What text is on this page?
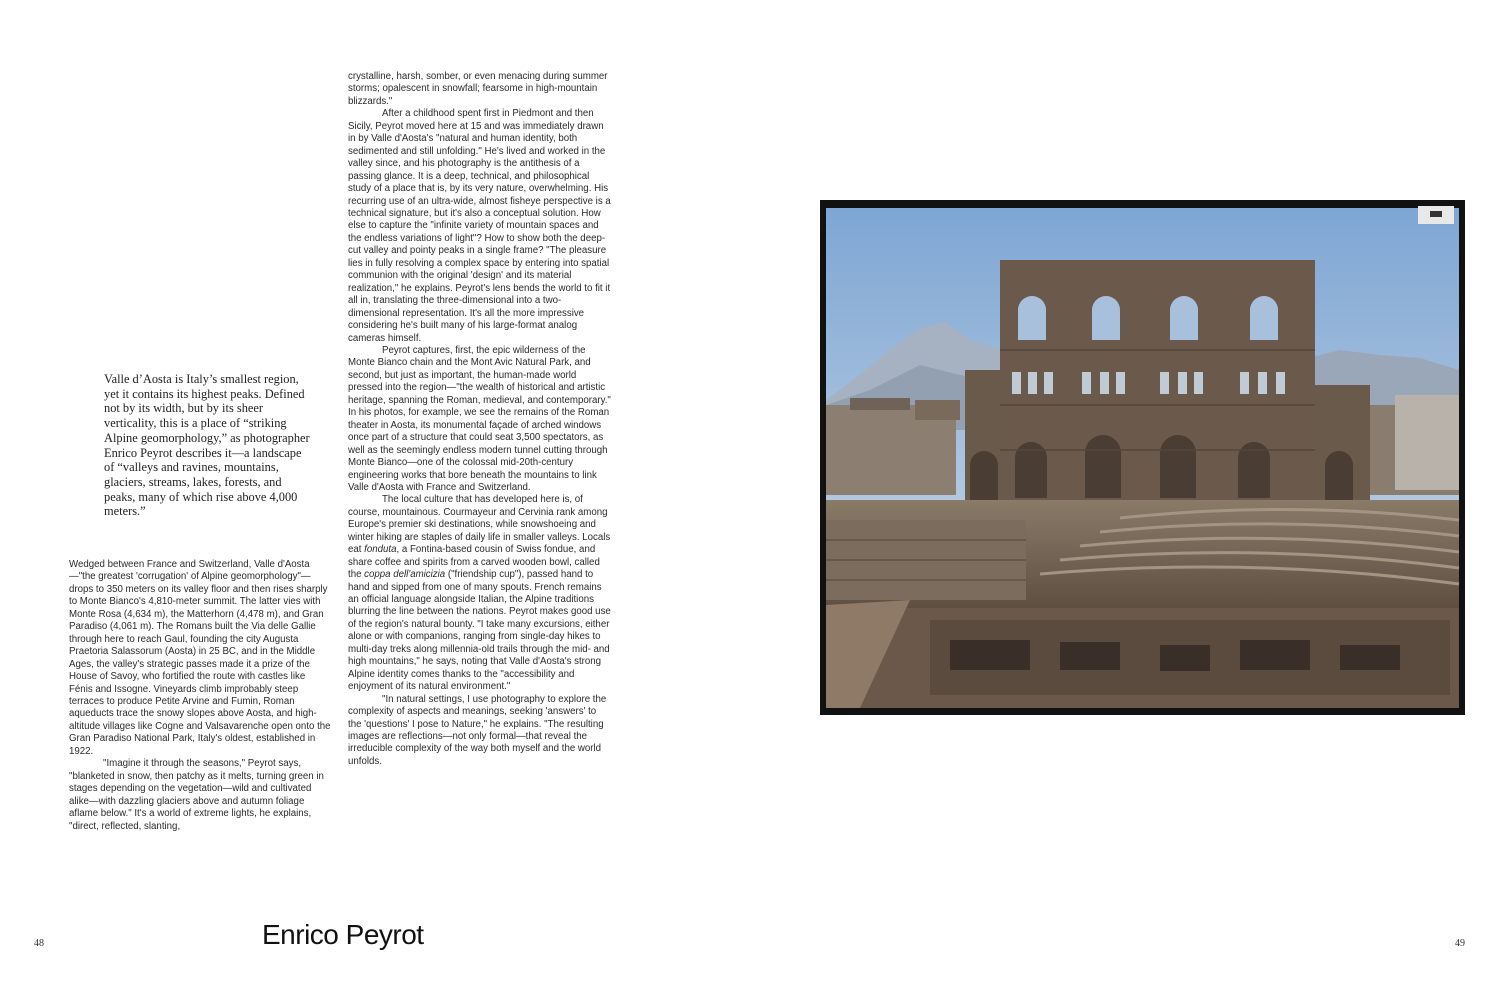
Valle d’Aosta is Italy’s smallest region, yet it contains its highest peaks. Defined not by its width, but by its sheer verticality, this is a place of “striking Alpine geomorphology,” as photographer Enrico Peyrot describes it—a landscape of “valleys and ravines, mountains, glaciers, streams, lakes, forests, and peaks, many of which rise above 4,000 meters.”

Wedged between France and Switzerland, Valle d'Aosta—"the greatest 'corrugation' of Alpine geomorphology"—drops to 350 meters on its valley floor and then rises sharply to Monte Bianco's 4,810-meter summit. The latter vies with Monte Rosa (4,634 m), the Matterhorn (4,478 m), and Gran Paradiso (4,061 m). The Romans built the Via delle Gallie through here to reach Gaul, founding the city Augusta Praetoria Salassorum (Aosta) in 25 BC, and in the Middle Ages, the valley's strategic passes made it a prize of the House of Savoy, who fortified the route with castles like Fénis and Issogne. Vineyards climb improbably steep terraces to produce Petite Arvine and Fumin, Roman aqueducts trace the snowy slopes above Aosta, and high-altitude villages like Cogne and Valsavarenche open onto the Gran Paradiso National Park, Italy's oldest, established in 1922.

"Imagine it through the seasons," Peyrot says, "blanketed in snow, then patchy as it melts, turning green in stages depending on the vegetation—wild and cultivated alike—with dazzling glaciers above and autumn foliage aflame below." It's a world of extreme lights, he explains, "direct, reflected, slanting,

crystalline, harsh, somber, or even menacing during summer storms; opalescent in snowfall; fearsome in high-mountain blizzards."

After a childhood spent first in Piedmont and then Sicily, Peyrot moved here at 15 and was immediately drawn in by Valle d'Aosta's "natural and human identity, both sedimented and still unfolding." He's lived and worked in the valley since, and his photography is the antithesis of a passing glance. It is a deep, technical, and philosophical study of a place that is, by its very nature, overwhelming. His recurring use of an ultra-wide, almost fisheye perspective is a technical signature, but it's also a conceptual solution. How else to capture the "infinite variety of mountain spaces and the endless variations of light"? How to show both the deep-cut valley and pointy peaks in a single frame? "The pleasure lies in fully resolving a complex space by entering into spatial communion with the original 'design' and its material realization," he explains. Peyrot's lens bends the world to fit it all in, translating the three-dimensional into a two-dimensional representation. It's all the more impressive considering he's built many of his large-format analog cameras himself.

Peyrot captures, first, the epic wilderness of the Monte Bianco chain and the Mont Avic Natural Park, and second, but just as important, the human-made world pressed into the region—"the wealth of historical and artistic heritage, spanning the Roman, medieval, and contemporary." In his photos, for example, we see the remains of the Roman theater in Aosta, its monumental façade of arched windows once part of a structure that could seat 3,500 spectators, as well as the seemingly endless modern tunnel cutting through Monte Bianco—one of the colossal mid-20th-century engineering works that bore beneath the mountains to link Valle d'Aosta with France and Switzerland.

The local culture that has developed here is, of course, mountainous. Courmayeur and Cervinia rank among Europe's premier ski destinations, while snowshoeing and winter hiking are staples of daily life in smaller valleys. Locals eat fonduta, a Fontina-based cousin of Swiss fondue, and share coffee and spirits from a carved wooden bowl, called the coppa dell'amicizia ("friendship cup"), passed hand to hand and sipped from one of many spouts. French remains an official language alongside Italian, the Alpine traditions blurring the line between the nations. Peyrot makes good use of the region's natural bounty. "I take many excursions, either alone or with companions, ranging from single-day hikes to multi-day treks along millennia-old trails through the mid- and high mountains," he says, noting that Valle d'Aosta's strong Alpine identity comes thanks to the "accessibility and enjoyment of its natural environment."

"In natural settings, I use photography to explore the complexity of aspects and meanings, seeking 'answers' to the 'questions' I pose to Nature," he explains. "The resulting images are reflections—not only formal—that reveal the irreducible complexity of the way both myself and the world unfolds.

48	Enrico Peyrot	49
